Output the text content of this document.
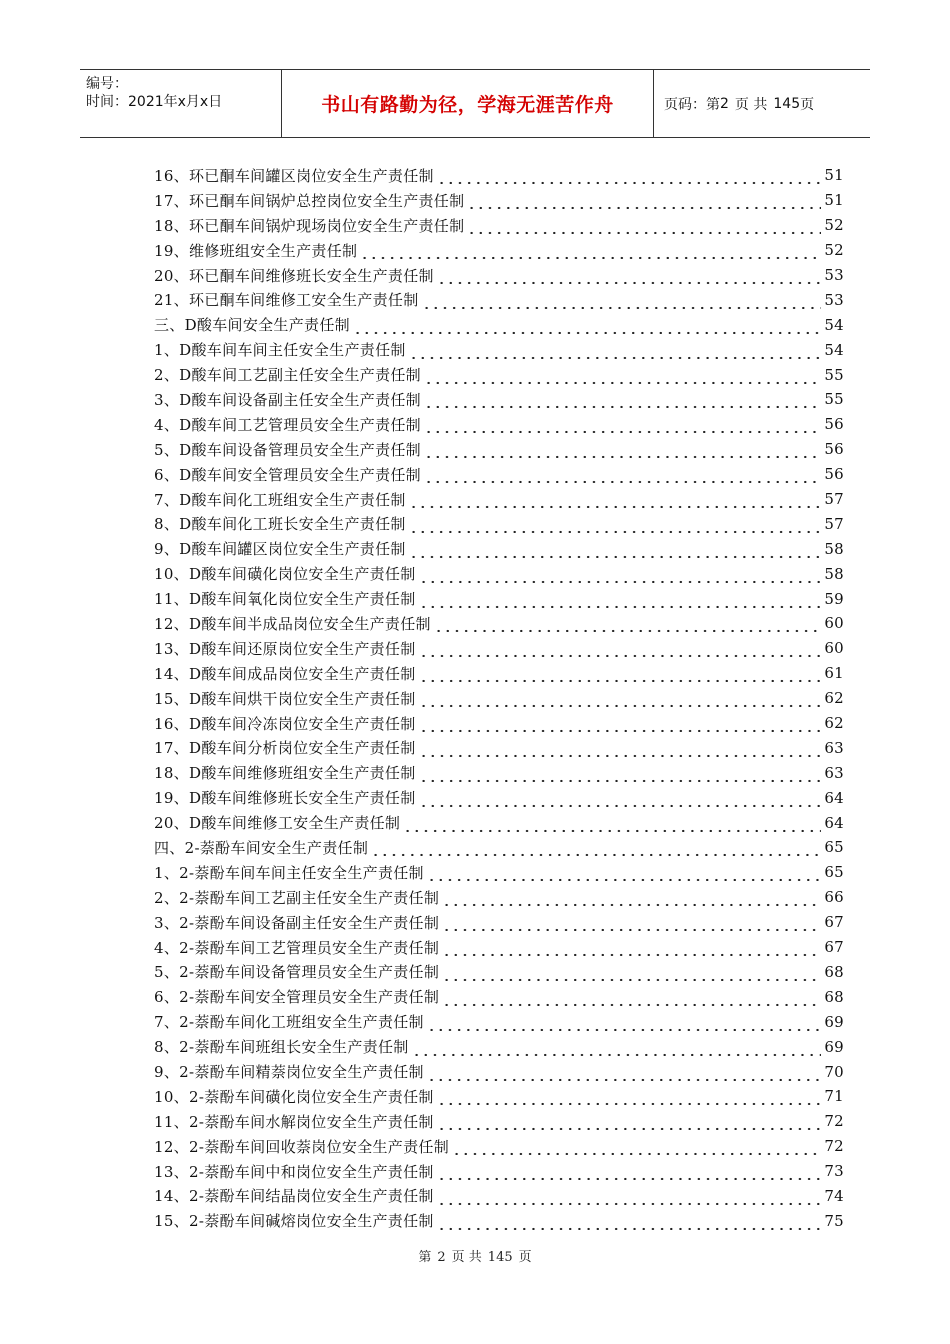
编号：
时间：2021年x月x日	书山有路勤为径，学海无涯苦作舟	页码：第 2 页 共 145 页
16、环已酮车间罐区岗位安全生产责任制	51
17、环已酮车间锅炉总控岗位安全生产责任制	51
18、环已酮车间锅炉现场岗位安全生产责任制	52
19、维修班组安全生产责任制	52
20、环已酮车间维修班长安全生产责任制	53
21、环已酮车间维修工安全生产责任制	53
三、D酸车间安全生产责任制	54
1、D酸车间车间主任安全生产责任制	54
2、D酸车间工艺副主任安全生产责任制	55
3、D酸车间设备副主任安全生产责任制	55
4、D酸车间工艺管理员安全生产责任制	56
5、D酸车间设备管理员安全生产责任制	56
6、D酸车间安全管理员安全生产责任制	56
7、D酸车间化工班组安全生产责任制	57
8、D酸车间化工班长安全生产责任制	57
9、D酸车间罐区岗位安全生产责任制	58
10、D酸车间磺化岗位安全生产责任制	58
11、D酸车间氧化岗位安全生产责任制	59
12、D酸车间半成品岗位安全生产责任制	60
13、D酸车间还原岗位安全生产责任制	60
14、D酸车间成品岗位安全生产责任制	61
15、D酸车间烘干岗位安全生产责任制	62
16、D酸车间冷冻岗位安全生产责任制	62
17、D酸车间分析岗位安全生产责任制	63
18、D酸车间维修班组安全生产责任制	63
19、D酸车间维修班长安全生产责任制	64
20、D酸车间维修工安全生产责任制	64
四、2-萘酚车间安全生产责任制	65
1、2-萘酚车间车间主任安全生产责任制	65
2、2-萘酚车间工艺副主任安全生产责任制	66
3、2-萘酚车间设备副主任安全生产责任制	67
4、2-萘酚车间工艺管理员安全生产责任制	67
5、2-萘酚车间设备管理员安全生产责任制	68
6、2-萘酚车间安全管理员安全生产责任制	68
7、2-萘酚车间化工班组安全生产责任制	69
8、2-萘酚车间班组长安全生产责任制	69
9、2-萘酚车间精萘岗位安全生产责任制	70
10、2-萘酚车间磺化岗位安全生产责任制	71
11、2-萘酚车间水解岗位安全生产责任制	72
12、2-萘酚车间回收萘岗位安全生产责任制	72
13、2-萘酚车间中和岗位安全生产责任制	73
14、2-萘酚车间结晶岗位安全生产责任制	74
15、2-萘酚车间碱熔岗位安全生产责任制	75
第 2 页 共 145 页
